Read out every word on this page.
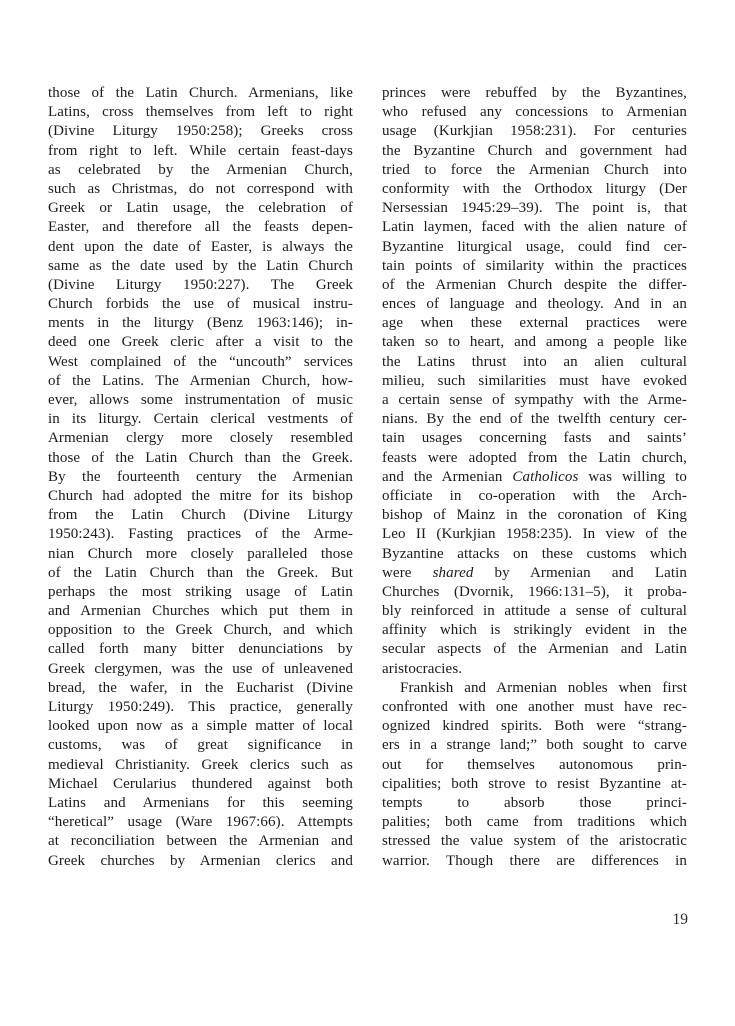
those of the Latin Church. Armenians, like
Latins, cross themselves from left to right
(Divine Liturgy 1950:258); Greeks cross
from right to left. While certain feast-days
as celebrated by the Armenian Church,
such as Christmas, do not correspond with
Greek or Latin usage, the celebration of
Easter, and therefore all the feasts depen-
dent upon the date of Easter, is always the
same as the date used by the Latin Church
(Divine Liturgy 1950:227). The Greek
Church forbids the use of musical instru-
ments in the liturgy (Benz 1963:146); in-
deed one Greek cleric after a visit to the
West complained of the “uncouth” services
of the Latins. The Armenian Church, how-
ever, allows some instrumentation of music
in its liturgy. Certain clerical vestments of
Armenian clergy more closely resembled
those of the Latin Church than the Greek.
By the fourteenth century the Armenian
Church had adopted the mitre for its bishop
from the Latin Church (Divine Liturgy
1950:243). Fasting practices of the Arme-
nian Church more closely paralleled those
of the Latin Church than the Greek. But
perhaps the most striking usage of Latin
and Armenian Churches which put them in
opposition to the Greek Church, and which
called forth many bitter denunciations by
Greek clergymen, was the use of unleavened
bread, the wafer, in the Eucharist (Divine
Liturgy 1950:249). This practice, generally
looked upon now as a simple matter of local
customs, was of great significance in
medieval Christianity. Greek clerics such as
Michael Cerularius thundered against both
Latins and Armenians for this seeming
“heretical” usage (Ware 1967:66). Attempts
at reconciliation between the Armenian and
Greek churches by Armenian clerics and
princes were rebuffed by the Byzantines,
who refused any concessions to Armenian
usage (Kurkjian 1958:231). For centuries
the Byzantine Church and government had
tried to force the Armenian Church into
conformity with the Orthodox liturgy (Der
Nersessian 1945:29–39). The point is, that
Latin laymen, faced with the alien nature of
Byzantine liturgical usage, could find cer-
tain points of similarity within the practices
of the Armenian Church despite the differ-
ences of language and theology. And in an
age when these external practices were
taken so to heart, and among a people like
the Latins thrust into an alien cultural
milieu, such similarities must have evoked
a certain sense of sympathy with the Arme-
nians. By the end of the twelfth century cer-
tain usages concerning fasts and saints’
feasts were adopted from the Latin church,
and the Armenian Catholicos was willing to
officiate in co-operation with the Arch-
bishop of Mainz in the coronation of King
Leo II (Kurkjian 1958:235). In view of the
Byzantine attacks on these customs which
were shared by Armenian and Latin
Churches (Dvornik, 1966:131–5), it proba-
bly reinforced in attitude a sense of cultural
affinity which is strikingly evident in the
secular aspects of the Armenian and Latin
aristocracies.
Frankish and Armenian nobles when first
confronted with one another must have rec-
ognized kindred spirits. Both were “strang-
ers in a strange land;” both sought to carve
out for themselves autonomous prin-
cipalities; both strove to resist Byzantine at-
tempts to absorb those princi-
palities; both came from traditions which
stressed the value system of the aristocratic
warrior. Though there are differences in
19
